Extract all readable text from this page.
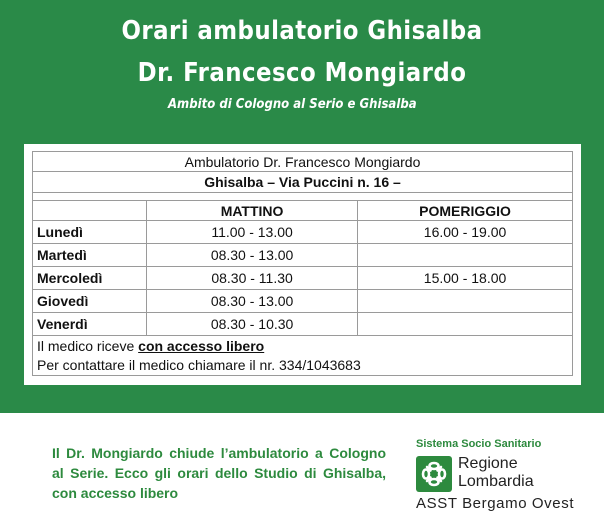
Orari ambulatorio Ghisalba
Dr. Francesco Mongiardo
Ambito di Cologno al Serio e Ghisalba
Ambulatorio Dr. Francesco Mongiardo		
Ghisalba – Via Puccini n. 16 –		

	MATTINO	POMERIGGIO
Lunedì	11.00 - 13.00	16.00 - 19.00
Martedì	08.30 - 13.00	
Mercoledì	08.30 - 11.30	15.00 - 18.00
Giovedì	08.30 - 13.00	
Venerdì	08.30 - 10.30	
Il medico riceve con accesso libero		
Per contattare il medico chiamare il nr. 334/1043683		
Il Dr. Mongiardo chiude l’ambulatorio a Cologno al Serie. Ecco gli orari dello Studio di Ghisalba, con accesso libero
Sistema Socio Sanitario
Regione
Lombardia
ASST Bergamo Ovest
